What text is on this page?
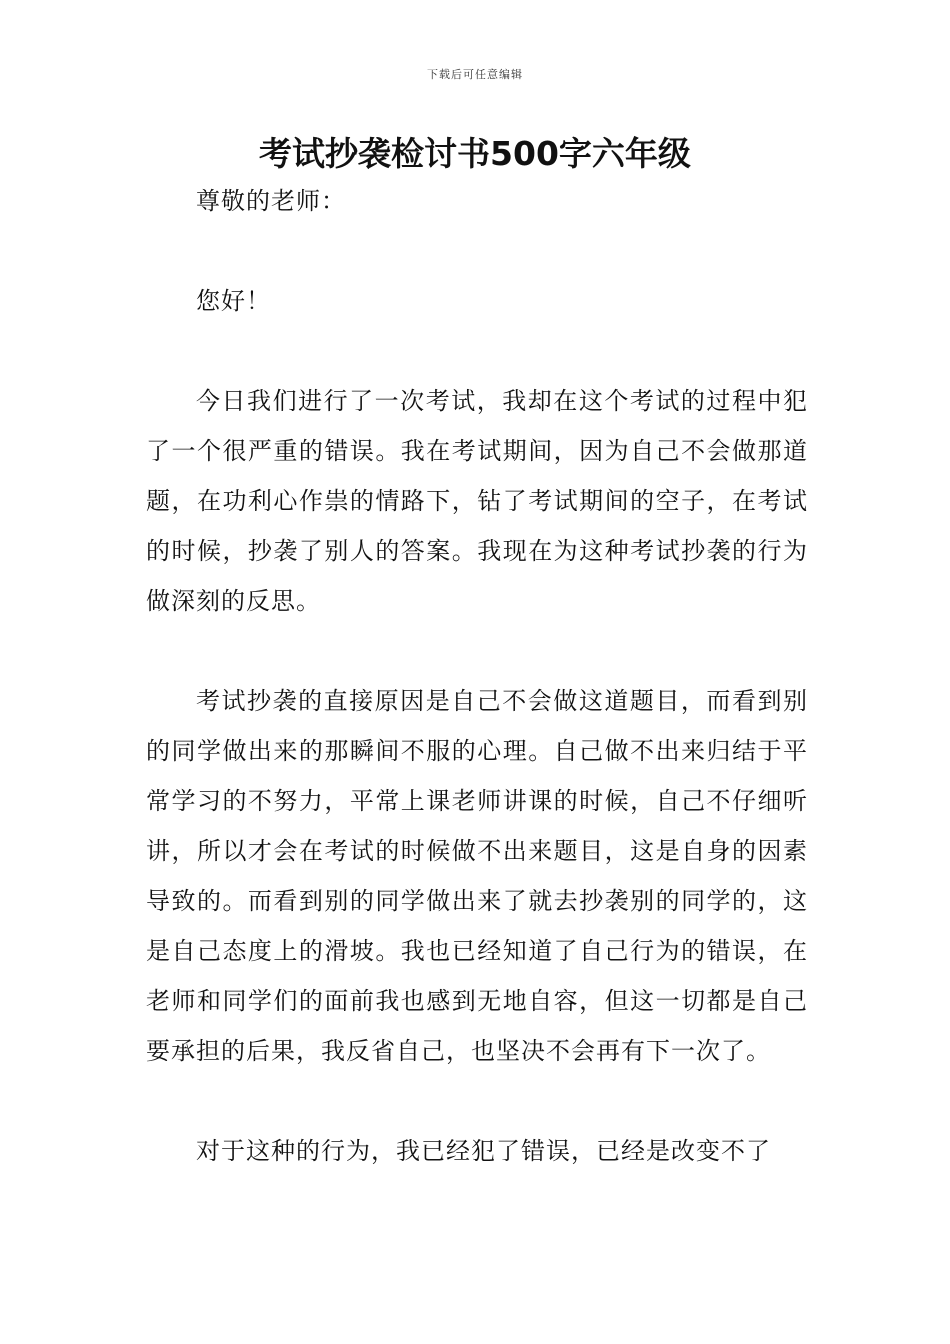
下载后可任意编辑
考试抄袭检讨书500字六年级

尊敬的老师：

您好！

今日我们进行了一次考试，我却在这个考试的过程中犯了一个很严重的错误。我在考试期间，因为自己不会做那道题，在功利心作祟的情路下，钻了考试期间的空子，在考试的时候，抄袭了别人的答案。我现在为这种考试抄袭的行为做深刻的反思。

考试抄袭的直接原因是自己不会做这道题目，而看到别的同学做出来的那瞬间不服的心理。自己做不出来归结于平常学习的不努力，平常上课老师讲课的时候，自己不仔细听讲，所以才会在考试的时候做不出来题目，这是自身的因素导致的。而看到别的同学做出来了就去抄袭别的同学的，这是自己态度上的滑坡。我也已经知道了自己行为的错误，在老师和同学们的面前我也感到无地自容，但这一切都是自己要承担的后果，我反省自己，也坚决不会再有下一次了。

对于这种的行为，我已经犯了错误，已经是改变不了
